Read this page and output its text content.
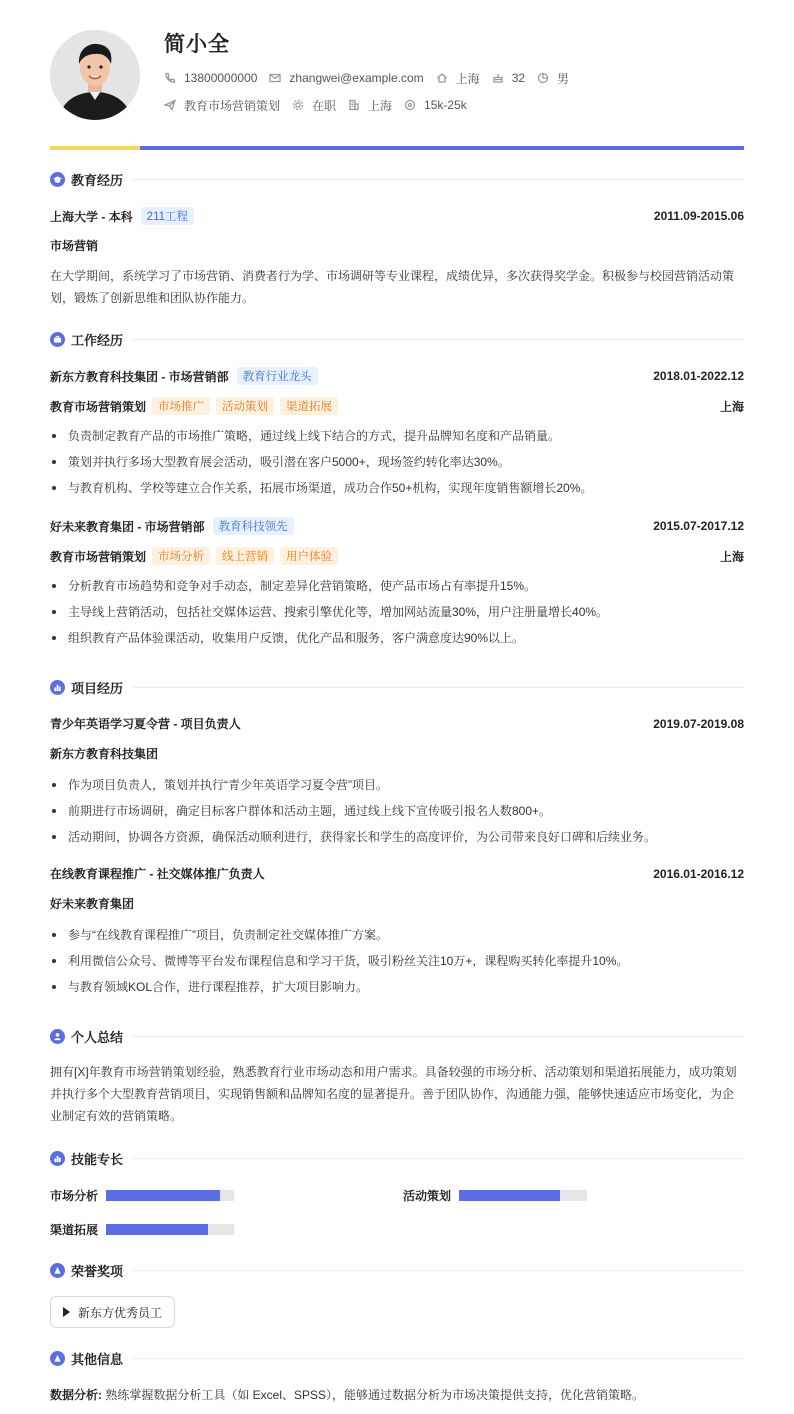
简小全
13800000000	zhangwei@example.com	上海	32	男
教育市场营销策划	在职	上海	15k-25k
教育经历
上海大学 - 本科	211工程	2011.09-2015.06
市场营销
在大学期间，系统学习了市场营销、消费者行为学、市场调研等专业课程，成绩优异，多次获得奖学金。积极参与校园营销活动策划，锻炼了创新思维和团队协作能力。
工作经历
新东方教育科技集团 - 市场营销部	教育行业龙头	2018.01-2022.12
教育市场营销策划	市场推广	活动策划	渠道拓展	上海
负责制定教育产品的市场推广策略，通过线上线下结合的方式，提升品牌知名度和产品销量。
策划并执行多场大型教育展会活动，吸引潜在客户5000+，现场签约转化率达30%。
与教育机构、学校等建立合作关系，拓展市场渠道，成功合作50+机构，实现年度销售额增长20%。
好未来教育集团 - 市场营销部	教育科技领先	2015.07-2017.12
教育市场营销策划	市场分析	线上营销	用户体验	上海
分析教育市场趋势和竞争对手动态，制定差异化营销策略，使产品市场占有率提升15%。
主导线上营销活动，包括社交媒体运营、搜索引擎优化等，增加网站流量30%，用户注册量增长40%。
组织教育产品体验课活动，收集用户反馈，优化产品和服务，客户满意度达90%以上。
项目经历
青少年英语学习夏令营 - 项目负责人	2019.07-2019.08
新东方教育科技集团
作为项目负责人，策划并执行“青少年英语学习夏令营”项目。
前期进行市场调研，确定目标客户群体和活动主题，通过线上线下宣传吸引报名人数800+。
活动期间，协调各方资源，确保活动顺利进行，获得家长和学生的高度评价，为公司带来良好口碑和后续业务。
在线教育课程推广 - 社交媒体推广负责人	2016.01-2016.12
好未来教育集团
参与“在线教育课程推广”项目，负责制定社交媒体推广方案。
利用微信公众号、微博等平台发布课程信息和学习干货，吸引粉丝关注10万+，课程购买转化率提升10%。
与教育领域KOL合作，进行课程推荐，扩大项目影响力。
个人总结
拥有[X]年教育市场营销策划经验，熟悉教育行业市场动态和用户需求。具备较强的市场分析、活动策划和渠道拓展能力，成功策划并执行多个大型教育营销项目，实现销售额和品牌知名度的显著提升。善于团队协作，沟通能力强，能够快速适应市场变化，为企业制定有效的营销策略。
技能专长
市场分析	活动策划
渠道拓展
荣誉奖项
新东方优秀员工
其他信息
数据分析: 熟练掌握数据分析工具（如 Excel、SPSS），能够通过数据分析为市场决策提供支持，优化营销策略。
